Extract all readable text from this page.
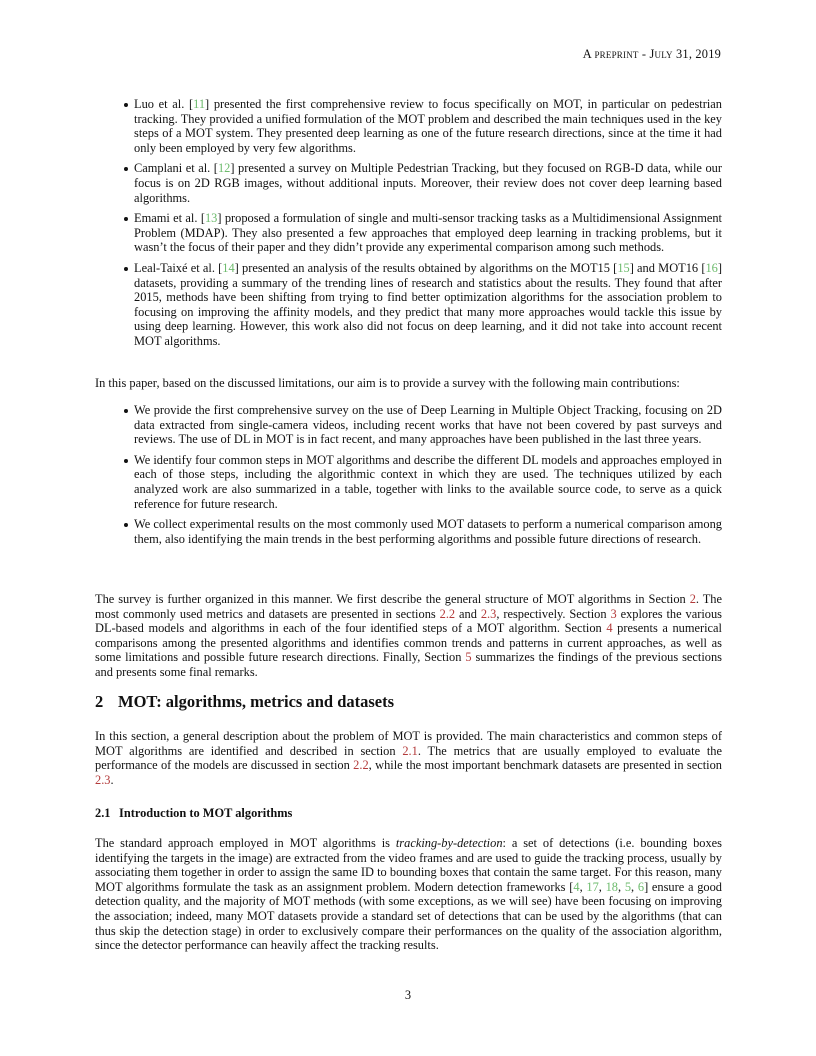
A preprint - July 31, 2019
Luo et al. [11] presented the first comprehensive review to focus specifically on MOT, in particular on pedestrian tracking. They provided a unified formulation of the MOT problem and described the main techniques used in the key steps of a MOT system. They presented deep learning as one of the future research directions, since at the time it had only been employed by very few algorithms.
Camplani et al. [12] presented a survey on Multiple Pedestrian Tracking, but they focused on RGB-D data, while our focus is on 2D RGB images, without additional inputs. Moreover, their review does not cover deep learning based algorithms.
Emami et al. [13] proposed a formulation of single and multi-sensor tracking tasks as a Multidimensional Assignment Problem (MDAP). They also presented a few approaches that employed deep learning in tracking problems, but it wasn’t the focus of their paper and they didn’t provide any experimental comparison among such methods.
Leal-Taixé et al. [14] presented an analysis of the results obtained by algorithms on the MOT15 [15] and MOT16 [16] datasets, providing a summary of the trending lines of research and statistics about the results. They found that after 2015, methods have been shifting from trying to find better optimization algorithms for the association problem to focusing on improving the affinity models, and they predict that many more approaches would tackle this issue by using deep learning. However, this work also did not focus on deep learning, and it did not take into account recent MOT algorithms.
In this paper, based on the discussed limitations, our aim is to provide a survey with the following main contributions:
We provide the first comprehensive survey on the use of Deep Learning in Multiple Object Tracking, focusing on 2D data extracted from single-camera videos, including recent works that have not been covered by past surveys and reviews. The use of DL in MOT is in fact recent, and many approaches have been published in the last three years.
We identify four common steps in MOT algorithms and describe the different DL models and approaches employed in each of those steps, including the algorithmic context in which they are used. The techniques utilized by each analyzed work are also summarized in a table, together with links to the available source code, to serve as a quick reference for future research.
We collect experimental results on the most commonly used MOT datasets to perform a numerical comparison among them, also identifying the main trends in the best performing algorithms and possible future directions of research.
The survey is further organized in this manner. We first describe the general structure of MOT algorithms in Section 2. The most commonly used metrics and datasets are presented in sections 2.2 and 2.3, respectively. Section 3 explores the various DL-based models and algorithms in each of the four identified steps of a MOT algorithm. Section 4 presents a numerical comparisons among the presented algorithms and identifies common trends and patterns in current approaches, as well as some limitations and possible future research directions. Finally, Section 5 summarizes the findings of the previous sections and presents some final remarks.
2 MOT: algorithms, metrics and datasets
In this section, a general description about the problem of MOT is provided. The main characteristics and common steps of MOT algorithms are identified and described in section 2.1. The metrics that are usually employed to evaluate the performance of the models are discussed in section 2.2, while the most important benchmark datasets are presented in section 2.3.
2.1 Introduction to MOT algorithms
The standard approach employed in MOT algorithms is tracking-by-detection: a set of detections (i.e. bounding boxes identifying the targets in the image) are extracted from the video frames and are used to guide the tracking process, usually by associating them together in order to assign the same ID to bounding boxes that contain the same target. For this reason, many MOT algorithms formulate the task as an assignment problem. Modern detection frameworks [4, 17, 18, 5, 6] ensure a good detection quality, and the majority of MOT methods (with some exceptions, as we will see) have been focusing on improving the association; indeed, many MOT datasets provide a standard set of detections that can be used by the algorithms (that can thus skip the detection stage) in order to exclusively compare their performances on the quality of the association algorithm, since the detector performance can heavily affect the tracking results.
3
